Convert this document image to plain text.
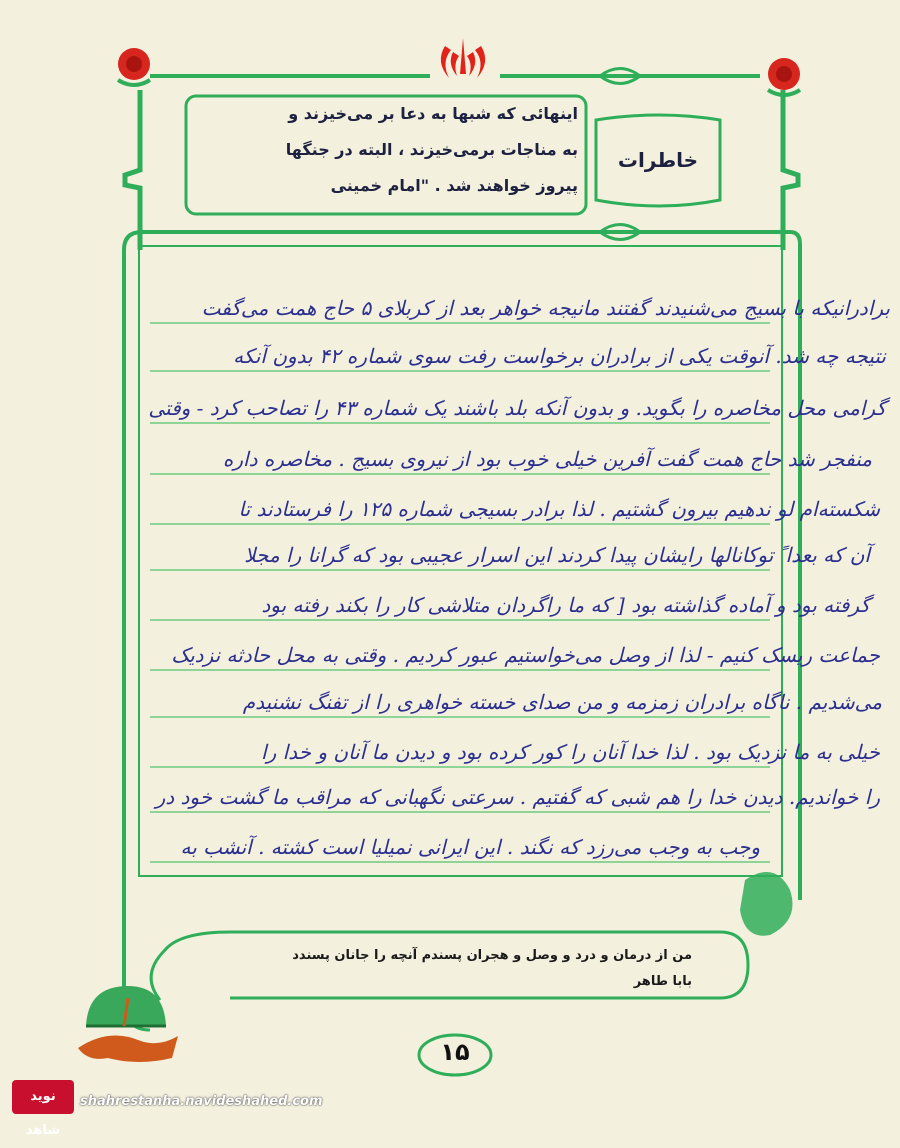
خاطرات
اینهائی که شبها به دعا بر می‌خیزند و
به مناجات برمی‌خیزند ، البته در جنگها
پیروز خواهند شد . "امام خمینی
برادرانیکه با بسیج می‌شنیدند گفتند مانیجه خواهر بعد از کربلای ۵ حاج همت می‌گفت
نتیجه‌ چه شد. آنوقت یکی از برادران برخواست رفت سوی شماره ۴۲ بدون آنکه
گرامی محل مخاصره را بگوید. و بدون آنکه بلد باشند یک شماره ۴۳ را تصاحب کرد - وقتی
منفجر شد حاج همت گفت آفرین خیلی خوب بود از نیروی بسیج . مخاصره داره
شکسته‌ام لو ندهیم بیرون گشتیم . لذا برادر بسیجی شماره ۱۲۵ را فرستادند تا
آن که بعدا ً توکانالها رایشان پیدا کردند این اسرار عجیبی بود که گرانا را مجلا
گرفته بود و آماده گذاشته بود [ که ما راگردان متلاشی کار را بکند رفته بود
جماعت ریسک کنیم - لذا از وصل می‌خواستیم عبور کردیم . وقتی به محل حادثه نزدیک
می‌شدیم . ناگاه برادران زمزمه و من صدای خسته خواهری را از تفنگ نشنیدم
خیلی به ما نزدیک بود . لذا خدا آنان را کور کرده بود و دیدن ما آنان و خدا را
را خواندیم. دیدن خدا را هم شبی که گفتیم . سرعتی نگهبانی که مراقب ما گشت خود در
وجب به وجب می‌رزد که نگند . این ایرانی نمیلیا است کشته . آنشب به
من از درمان و درد و وصل و هجران پسندم آنچه را جانان پسندد
بابا طاهر
۱۵
نوید شاهد
shahrestanha.navideshahed.com
